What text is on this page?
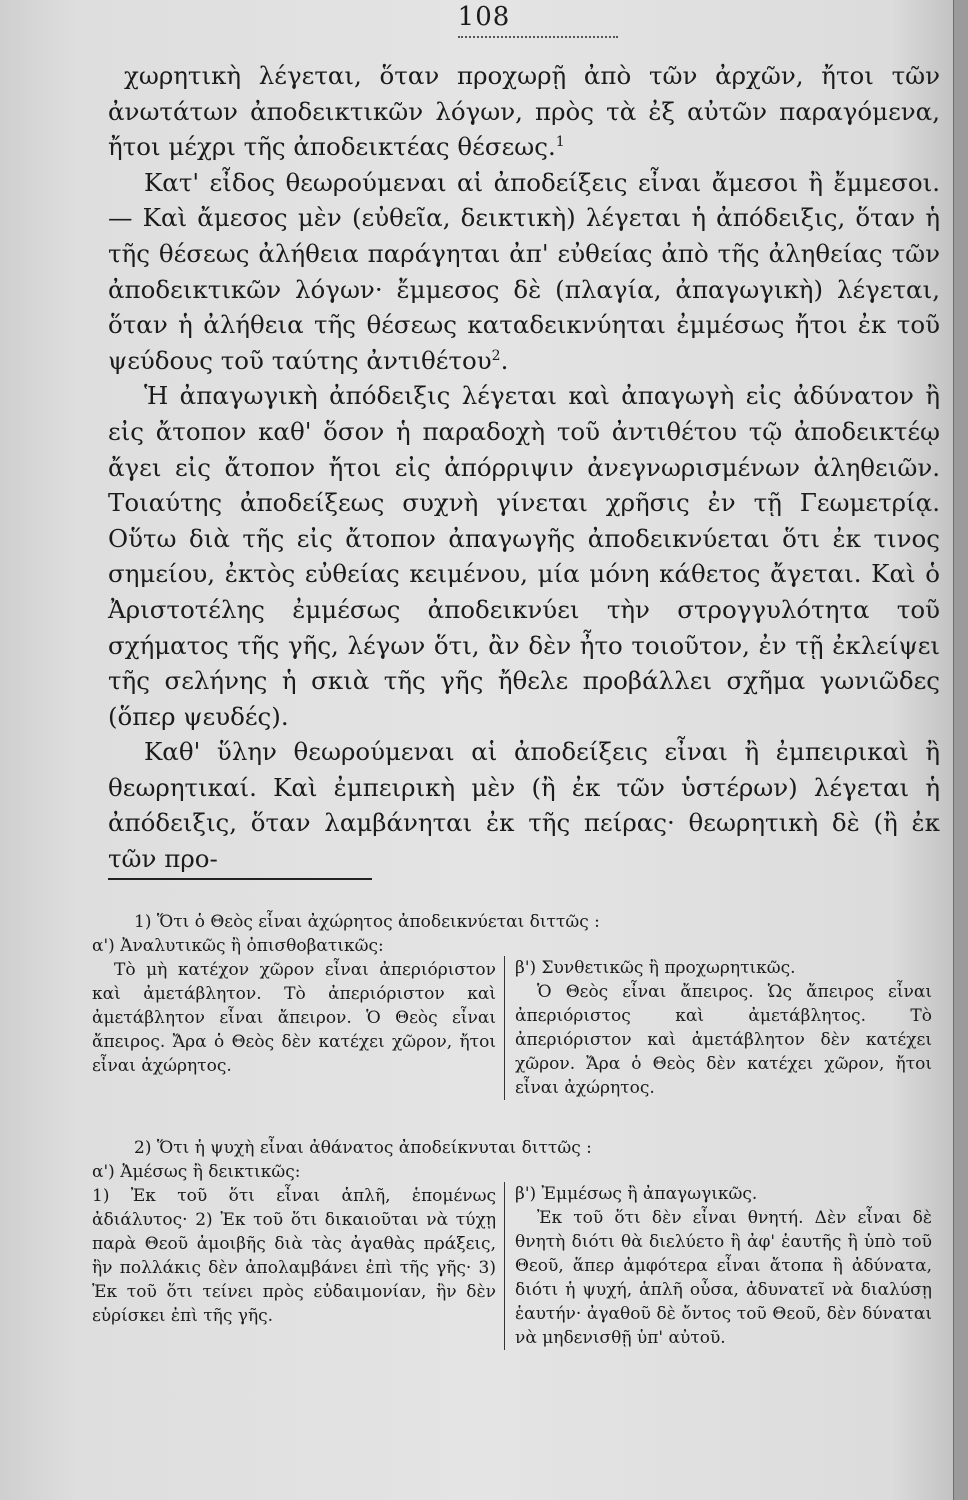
108

χωρητικὴ λέγεται, ὅταν προχωρῇ ἀπὸ τῶν ἀρχῶν, ἤτοι τῶν ἀνωτάτων ἀποδεικτικῶν λόγων, πρὸς τὰ ἐξ αὐτῶν παραγόμενα, ἤτοι μέχρι τῆς ἀποδεικτέας θέσεως.$^1$

Κατ' εἶδος θεωρούμεναι αἱ ἀποδείξεις εἶναι ἄμεσοι ἢ ἔμμεσοι.— Καὶ ἄμεσος μὲν (εὐθεῖα, δεικτικὴ) λέγεται ἡ ἀπόδειξις, ὅταν ἡ τῆς θέσεως ἀλήθεια παράγηται ἀπ' εὐθείας ἀπὸ τῆς ἀληθείας τῶν ἀποδεικτικῶν λόγων· ἔμμεσος δὲ (πλαγία, ἀπαγωγικὴ) λέγεται, ὅταν ἡ ἀλήθεια τῆς θέσεως καταδεικνύηται ἐμμέσως ἤτοι ἐκ τοῦ ψεύδους τοῦ ταύτης ἀντιθέτου$^2$.

Ἡ ἀπαγωγικὴ ἀπόδειξις λέγεται καὶ ἀπαγωγὴ εἰς ἀδύνατον ἢ εἰς ἄτοπον καθ' ὅσον ἡ παραδοχὴ τοῦ ἀντιθέτου τῷ ἀποδεικτέῳ ἄγει εἰς ἄτοπον ἤτοι εἰς ἀπόρριψιν ἀνεγνωρισμένων ἀληθειῶν. Τοιαύτης ἀποδείξεως συχνὴ γίνεται χρῆσις ἐν τῇ Γεωμετρίᾳ. Οὕτω διὰ τῆς εἰς ἄτοπον ἀπαγωγῆς ἀποδεικνύεται ὅτι ἐκ τινος σημείου, ἐκτὸς εὐθείας κειμένου, μία μόνη κάθετος ἄγεται. Καὶ ὁ Ἀριστοτέλης ἐμμέσως ἀποδεικνύει τὴν στρογγυλότητα τοῦ σχήματος τῆς γῆς, λέγων ὅτι, ἂν δὲν ἦτο τοιοῦτον, ἐν τῇ ἐκλείψει τῆς σελήνης ἡ σκιὰ τῆς γῆς ἤθελε προβάλλει σχῆμα γωνιῶδες (ὅπερ ψευδές).

Καθ' ὕλην θεωρούμεναι αἱ ἀποδείξεις εἶναι ἢ ἐμπειρικαὶ ἢ θεωρητικαί. Καὶ ἐμπειρικὴ μὲν (ἢ ἐκ τῶν ὑστέρων) λέγεται ἡ ἀπόδειξις, ὅταν λαμβάνηται ἐκ τῆς πείρας· θεωρητικὴ δὲ (ἢ ἐκ τῶν προ-

1) Ὅτι ὁ Θεὸς εἶναι ἀχώρητος ἀποδεικνύεται διττῶς :
α') Ἀναλυτικῶς ἢ ὀπισθοβατικῶς:

Τὸ μὴ κατέχον χῶρον εἶναι ἀπεριόριστον καὶ ἀμετάβλητον. Τὸ ἀπεριόριστον καὶ ἀμετάβλητον εἶναι ἄπειρον. Ὁ Θεὸς εἶναι ἄπειρος. Ἄρα ὁ Θεὸς δὲν κατέχει χῶρον, ἤτοι εἶναι ἀχώρητος.

β') Συνθετικῶς ἢ προχωρητικῶς.

Ὁ Θεὸς εἶναι ἄπειρος. Ὡς ἄπειρος εἶναι ἀπεριόριστος καὶ ἀμετάβλητος. Τὸ ἀπεριόριστον καὶ ἀμετάβλητον δὲν κατέχει χῶρον. Ἄρα ὁ Θεὸς δὲν κατέχει χῶρον, ἤτοι εἶναι ἀχώρητος.

2) Ὅτι ἡ ψυχὴ εἶναι ἀθάνατος ἀποδείκνυται διττῶς :
α') Ἀμέσως ἢ δεικτικῶς:

1) Ἐκ τοῦ ὅτι εἶναι ἁπλῆ, ἑπομένως ἀδιάλυτος· 2) Ἐκ τοῦ ὅτι δικαιοῦται νὰ τύχῃ παρὰ Θεοῦ ἀμοιβῆς διὰ τὰς ἀγαθὰς πράξεις, ἣν πολλάκις δὲν ἀπολαμβάνει ἐπὶ τῆς γῆς· 3) Ἐκ τοῦ ὅτι τείνει πρὸς εὐδαιμονίαν, ἣν δὲν εὑρίσκει ἐπὶ τῆς γῆς.

β') Ἐμμέσως ἢ ἀπαγωγικῶς.

Ἐκ τοῦ ὅτι δὲν εἶναι θνητή. Δὲν εἶναι δὲ θνητὴ διότι θὰ διελύετο ἢ ἀφ' ἑαυτῆς ἢ ὑπὸ τοῦ Θεοῦ, ἅπερ ἀμφότερα εἶναι ἄτοπα ἢ ἀδύνατα, διότι ἡ ψυχή, ἁπλῆ οὖσα, ἀδυνατεῖ νὰ διαλύσῃ ἑαυτήν· ἀγαθοῦ δὲ ὄντος τοῦ Θεοῦ, δὲν δύναται νὰ μηδενισθῇ ὑπ' αὐτοῦ.
